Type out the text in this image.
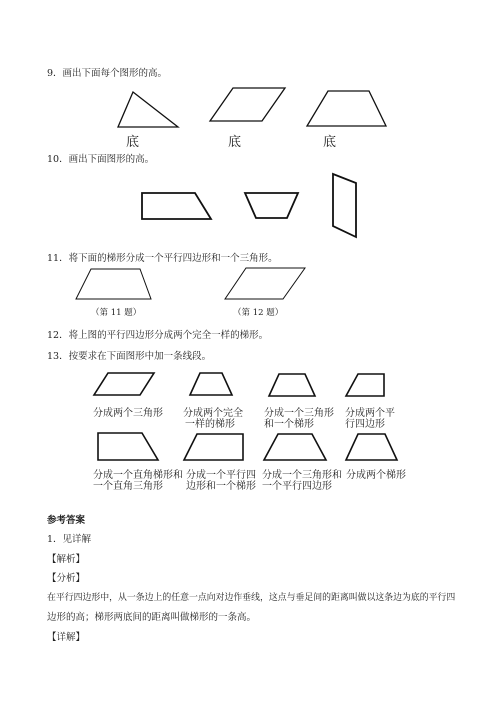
9．画出下面每个图形的高。
底	底	底
10．画出下面图形的高。
11．将下面的梯形分成一个平行四边形和一个三角形。
（第 11 题）	（第 12 题）
12．将上图的平行四边形分成两个完全一样的梯形。
13．按要求在下面图形中加一条线段。
分成两个三角形 分成两个完全
一样的梯形
分成一个三角形
和一个梯形
分成两个平
行四边形
分成一个直角梯形和
一个直角三角形
分成一个平行四
边形和一个梯形
分成一个三角形和
一个平行四边形
分成两个梯形
参考答案
1．见详解
【解析】
【分析】
在平行四边形中，从一条边上的任意一点向对边作垂线，这点与垂足间的距离叫做以这条边为底的平行四
边形的高；梯形两底间的距离叫做梯形的一条高。
【详解】
